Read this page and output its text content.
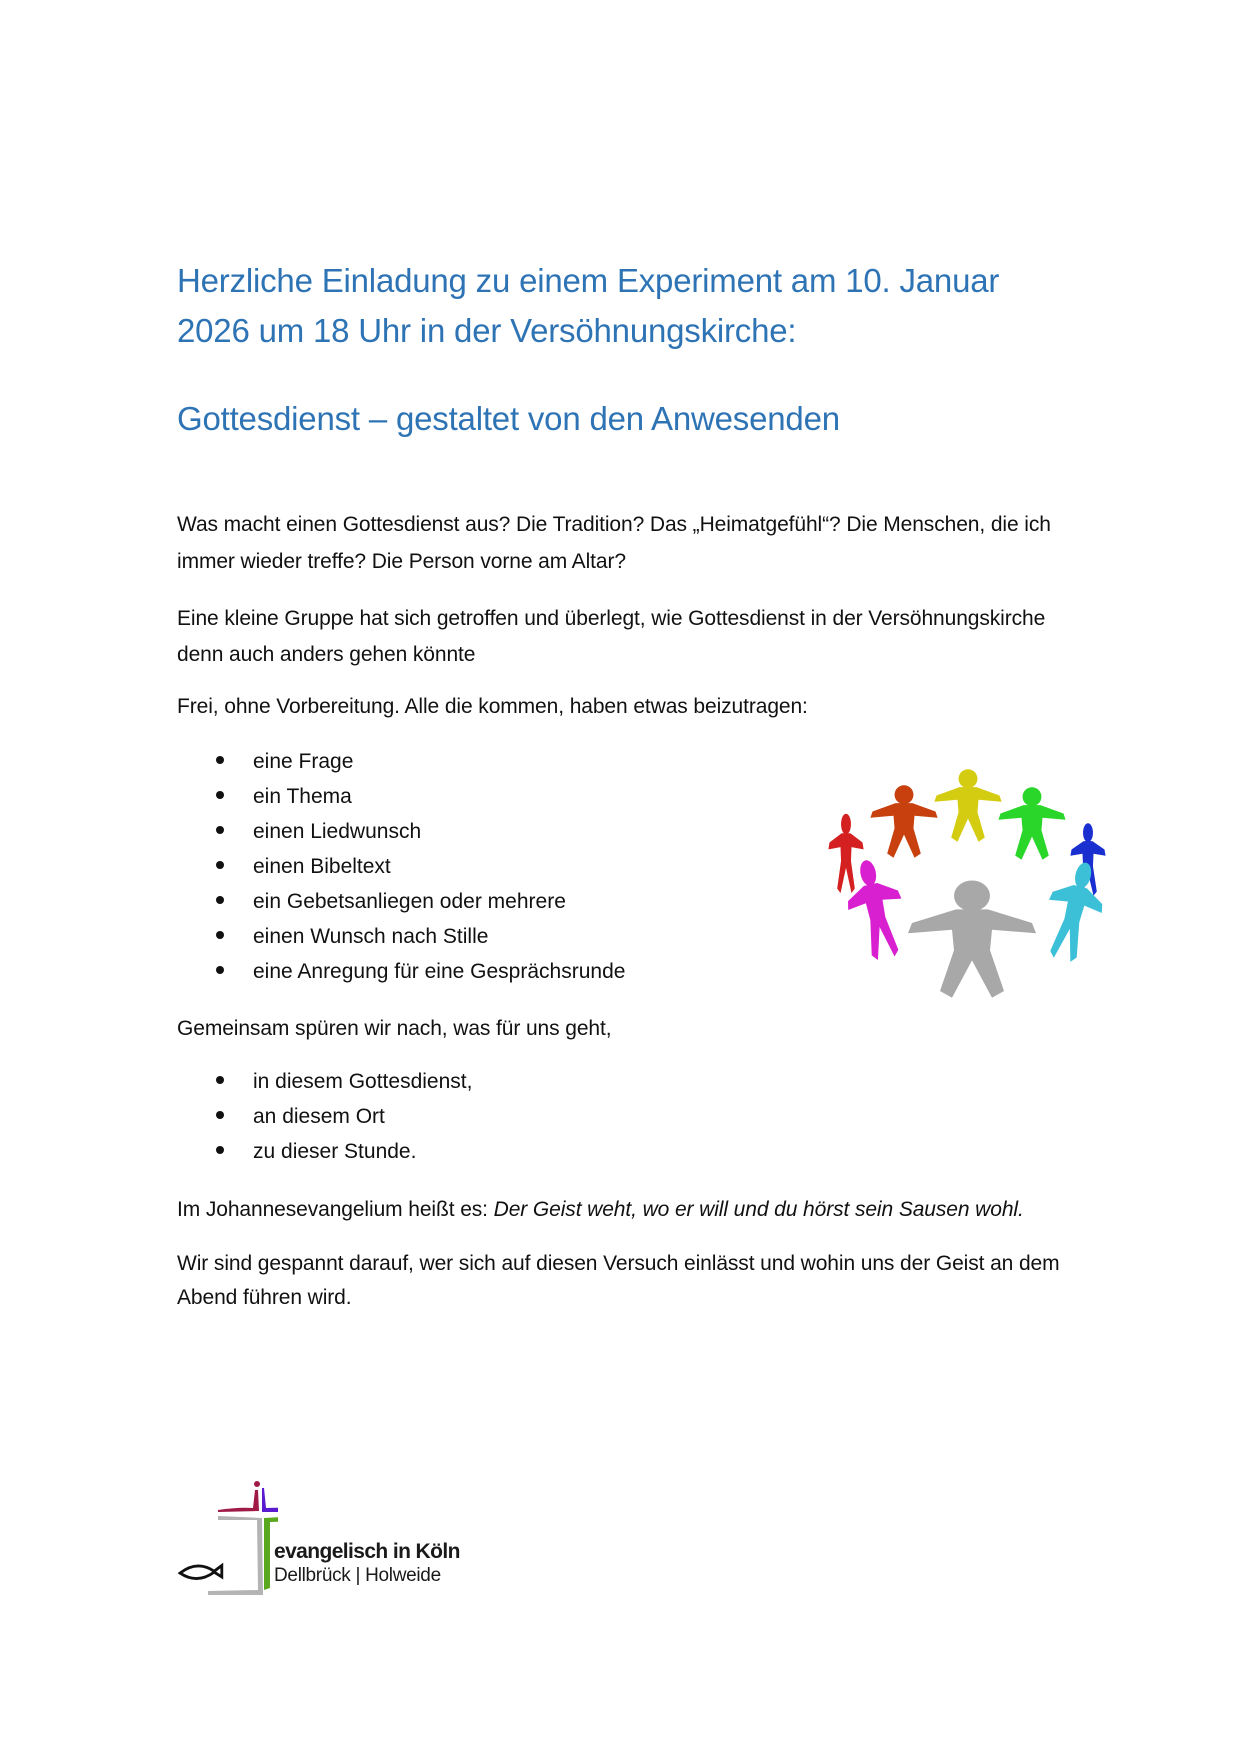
Herzliche Einladung zu einem Experiment am 10. Januar
2026 um 18 Uhr in der Versöhnungskirche:
Gottesdienst – gestaltet von den Anwesenden
Was macht einen Gottesdienst aus? Die Tradition? Das „Heimatgefühl“? Die Menschen, die ich
immer wieder treffe? Die Person vorne am Altar?
Eine kleine Gruppe hat sich getroffen und überlegt, wie Gottesdienst in der Versöhnungskirche
denn auch anders gehen könnte
Frei, ohne Vorbereitung. Alle die kommen, haben etwas beizutragen:
eine Frage
ein Thema
einen Liedwunsch
einen Bibeltext
ein Gebetsanliegen oder mehrere
einen Wunsch nach Stille
eine Anregung für eine Gesprächsrunde
Gemeinsam spüren wir nach, was für uns geht,
in diesem Gottesdienst,
an diesem Ort
zu dieser Stunde.
Im Johannesevangelium heißt es: Der Geist weht, wo er will und du hörst sein Sausen wohl.
Wir sind gespannt darauf, wer sich auf diesen Versuch einlässt und wohin uns der Geist an dem
Abend führen wird.
evangelisch in Köln
Dellbrück | Holweide
